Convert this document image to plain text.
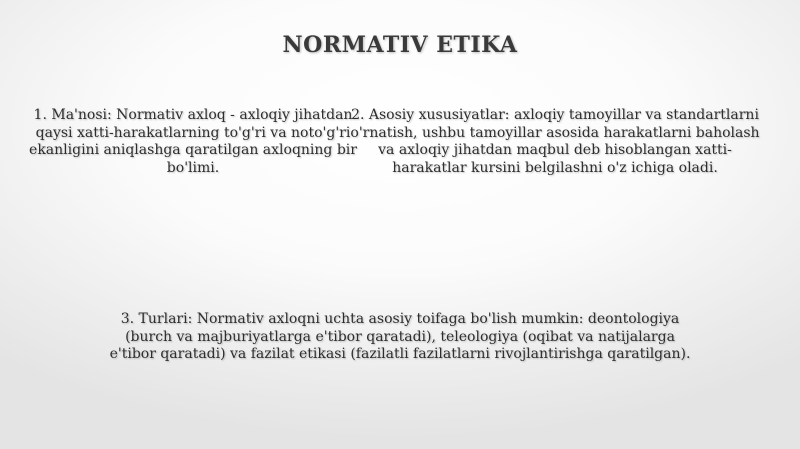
NORMATIV ETIKA
1. Ma'nosi: Normativ axloq - axloqiy jihatdan qaysi xatti-harakatlarning to'g'ri va noto'g'ri ekanligini aniqlashga qaratilgan axloqning bir bo'limi.
2. Asosiy xususiyatlar: axloqiy tamoyillar va standartlarni o'rnatish, ushbu tamoyillar asosida harakatlarni baholash va axloqiy jihatdan maqbul deb hisoblangan xatti-harakatlar kursini belgilashni o'z ichiga oladi.
3. Turlari: Normativ axloqni uchta asosiy toifaga bo'lish mumkin: deontologiya (burch va majburiyatlarga e'tibor qaratadi), teleologiya (oqibat va natijalarga e'tibor qaratadi) va fazilat etikasi (fazilatli fazilatlarni rivojlantirishga qaratilgan).
